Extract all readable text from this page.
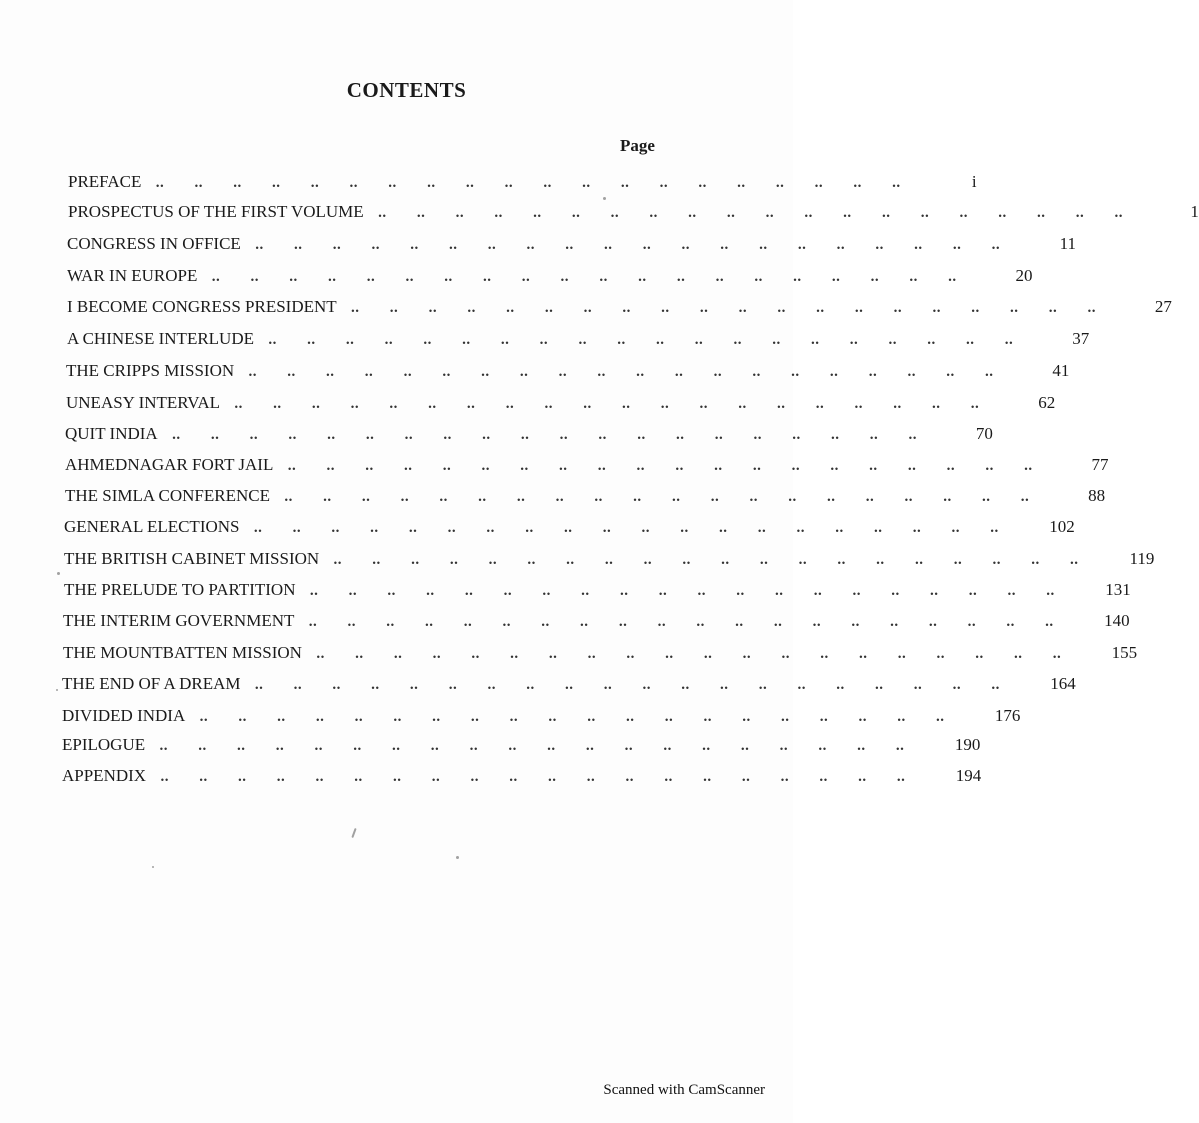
CONTENTS
Page
PREFACE ‥‥‥‥‥‥‥‥‥‥‥‥‥‥‥‥‥‥‥‥	i
PROSPECTUS OF THE FIRST VOLUME ‥‥‥‥‥‥‥‥‥‥‥‥‥‥‥‥‥‥‥‥	1
CONGRESS IN OFFICE ‥‥‥‥‥‥‥‥‥‥‥‥‥‥‥‥‥‥‥‥	11
WAR IN EUROPE ‥‥‥‥‥‥‥‥‥‥‥‥‥‥‥‥‥‥‥‥	20
I BECOME CONGRESS PRESIDENT ‥‥‥‥‥‥‥‥‥‥‥‥‥‥‥‥‥‥‥‥	27
A CHINESE INTERLUDE ‥‥‥‥‥‥‥‥‥‥‥‥‥‥‥‥‥‥‥‥	37
THE CRIPPS MISSION ‥‥‥‥‥‥‥‥‥‥‥‥‥‥‥‥‥‥‥‥	41
UNEASY INTERVAL ‥‥‥‥‥‥‥‥‥‥‥‥‥‥‥‥‥‥‥‥	62
QUIT INDIA ‥‥‥‥‥‥‥‥‥‥‥‥‥‥‥‥‥‥‥‥	70
AHMEDNAGAR FORT JAIL ‥‥‥‥‥‥‥‥‥‥‥‥‥‥‥‥‥‥‥‥	77
THE SIMLA CONFERENCE ‥‥‥‥‥‥‥‥‥‥‥‥‥‥‥‥‥‥‥‥	88
GENERAL ELECTIONS ‥‥‥‥‥‥‥‥‥‥‥‥‥‥‥‥‥‥‥‥	102
THE BRITISH CABINET MISSION ‥‥‥‥‥‥‥‥‥‥‥‥‥‥‥‥‥‥‥‥	119
THE PRELUDE TO PARTITION ‥‥‥‥‥‥‥‥‥‥‥‥‥‥‥‥‥‥‥‥	131
THE INTERIM GOVERNMENT ‥‥‥‥‥‥‥‥‥‥‥‥‥‥‥‥‥‥‥‥	140
THE MOUNTBATTEN MISSION ‥‥‥‥‥‥‥‥‥‥‥‥‥‥‥‥‥‥‥‥	155
THE END OF A DREAM ‥‥‥‥‥‥‥‥‥‥‥‥‥‥‥‥‥‥‥‥	164
DIVIDED INDIA ‥‥‥‥‥‥‥‥‥‥‥‥‥‥‥‥‥‥‥‥	176
EPILOGUE ‥‥‥‥‥‥‥‥‥‥‥‥‥‥‥‥‥‥‥‥	190
APPENDIX ‥‥‥‥‥‥‥‥‥‥‥‥‥‥‥‥‥‥‥‥	194
Scanned with CamScanner
